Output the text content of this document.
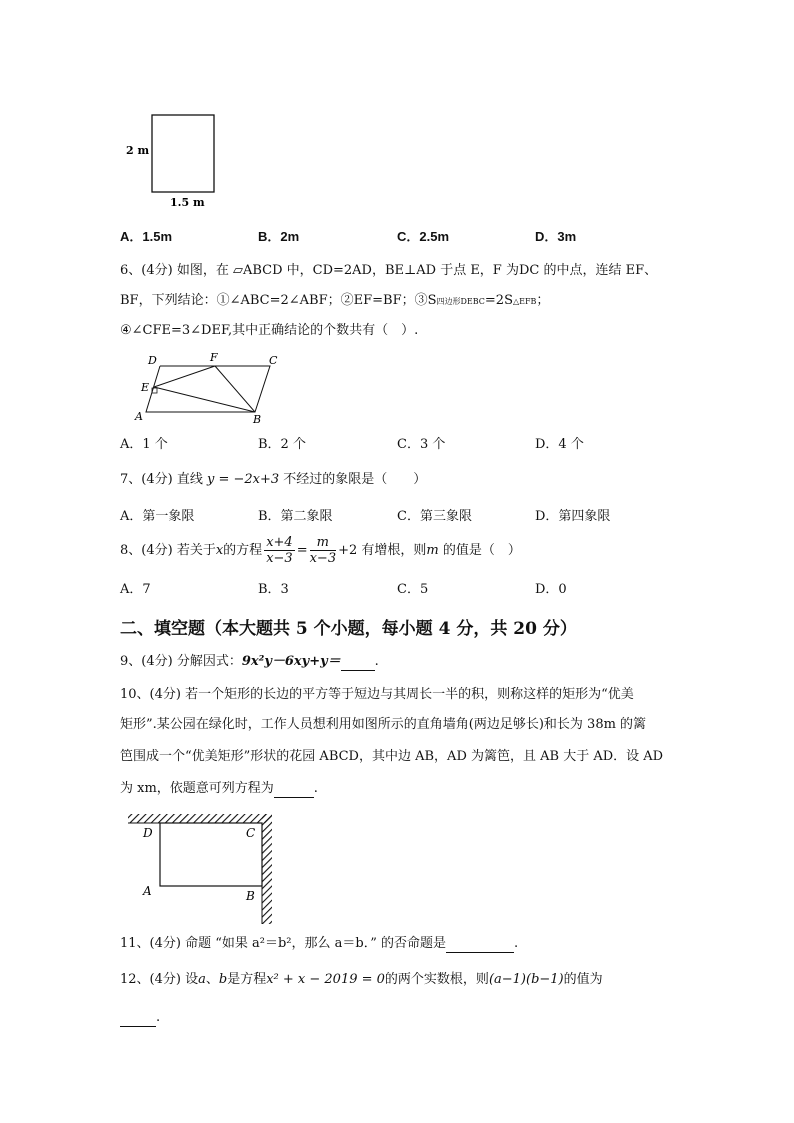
2 m
1.5 m
A．1.5m	B．2m	C．2.5m	D．3m
6、(4分) 如图，在 ▱ABCD 中，CD=2AD，BE⊥AD 于点 E，F 为DC 的中点，连结 EF、
BF，下列结论：①∠ABC=2∠ABF；②EF=BF；③S四边形DEBC=2S△EFB；
④∠CFE=3∠DEF,其中正确结论的个数共有（　）.
D	F	C
E
A	B
A．1 个	B．2 个	C．3 个	D．4 个
7、(4分) 直线 y = −2x+3 不经过的象限是（　　）
A．第一象限	B．第二象限	C．第三象限	D．第四象限
8、(4分) 若关于x的方程 $\frac{x+4}{x-3} = \frac{m}{x-3} +2$ 有增根，则m 的值是（　）
A．7	B．3	C．5	D．0
二、填空题（本大题共 5 个小题，每小题 4 分，共 20 分）
9、(4分) 分解因式：9x²y－6xy+y＝	.
10、(4分) 若一个矩形的长边的平方等于短边与其周长一半的积，则称这样的矩形为“优美
矩形”.某公园在绿化时，工作人员想利用如图所示的直角墙角(两边足够长)和长为 38m 的篱
笆围成一个“优美矩形”形状的花园 ABCD，其中边 AB，AD 为篱笆，且 AB 大于 AD．设 AD
为 xm，依题意可列方程为	.
D	C
A	B
11、(4分) 命题 “如果 a²＝b²，那么 a＝b．” 的否命题是	.
12、(4分) 设a、b是方程x² + x − 2019 = 0的两个实数根，则(a−1)(b−1)的值为
.
